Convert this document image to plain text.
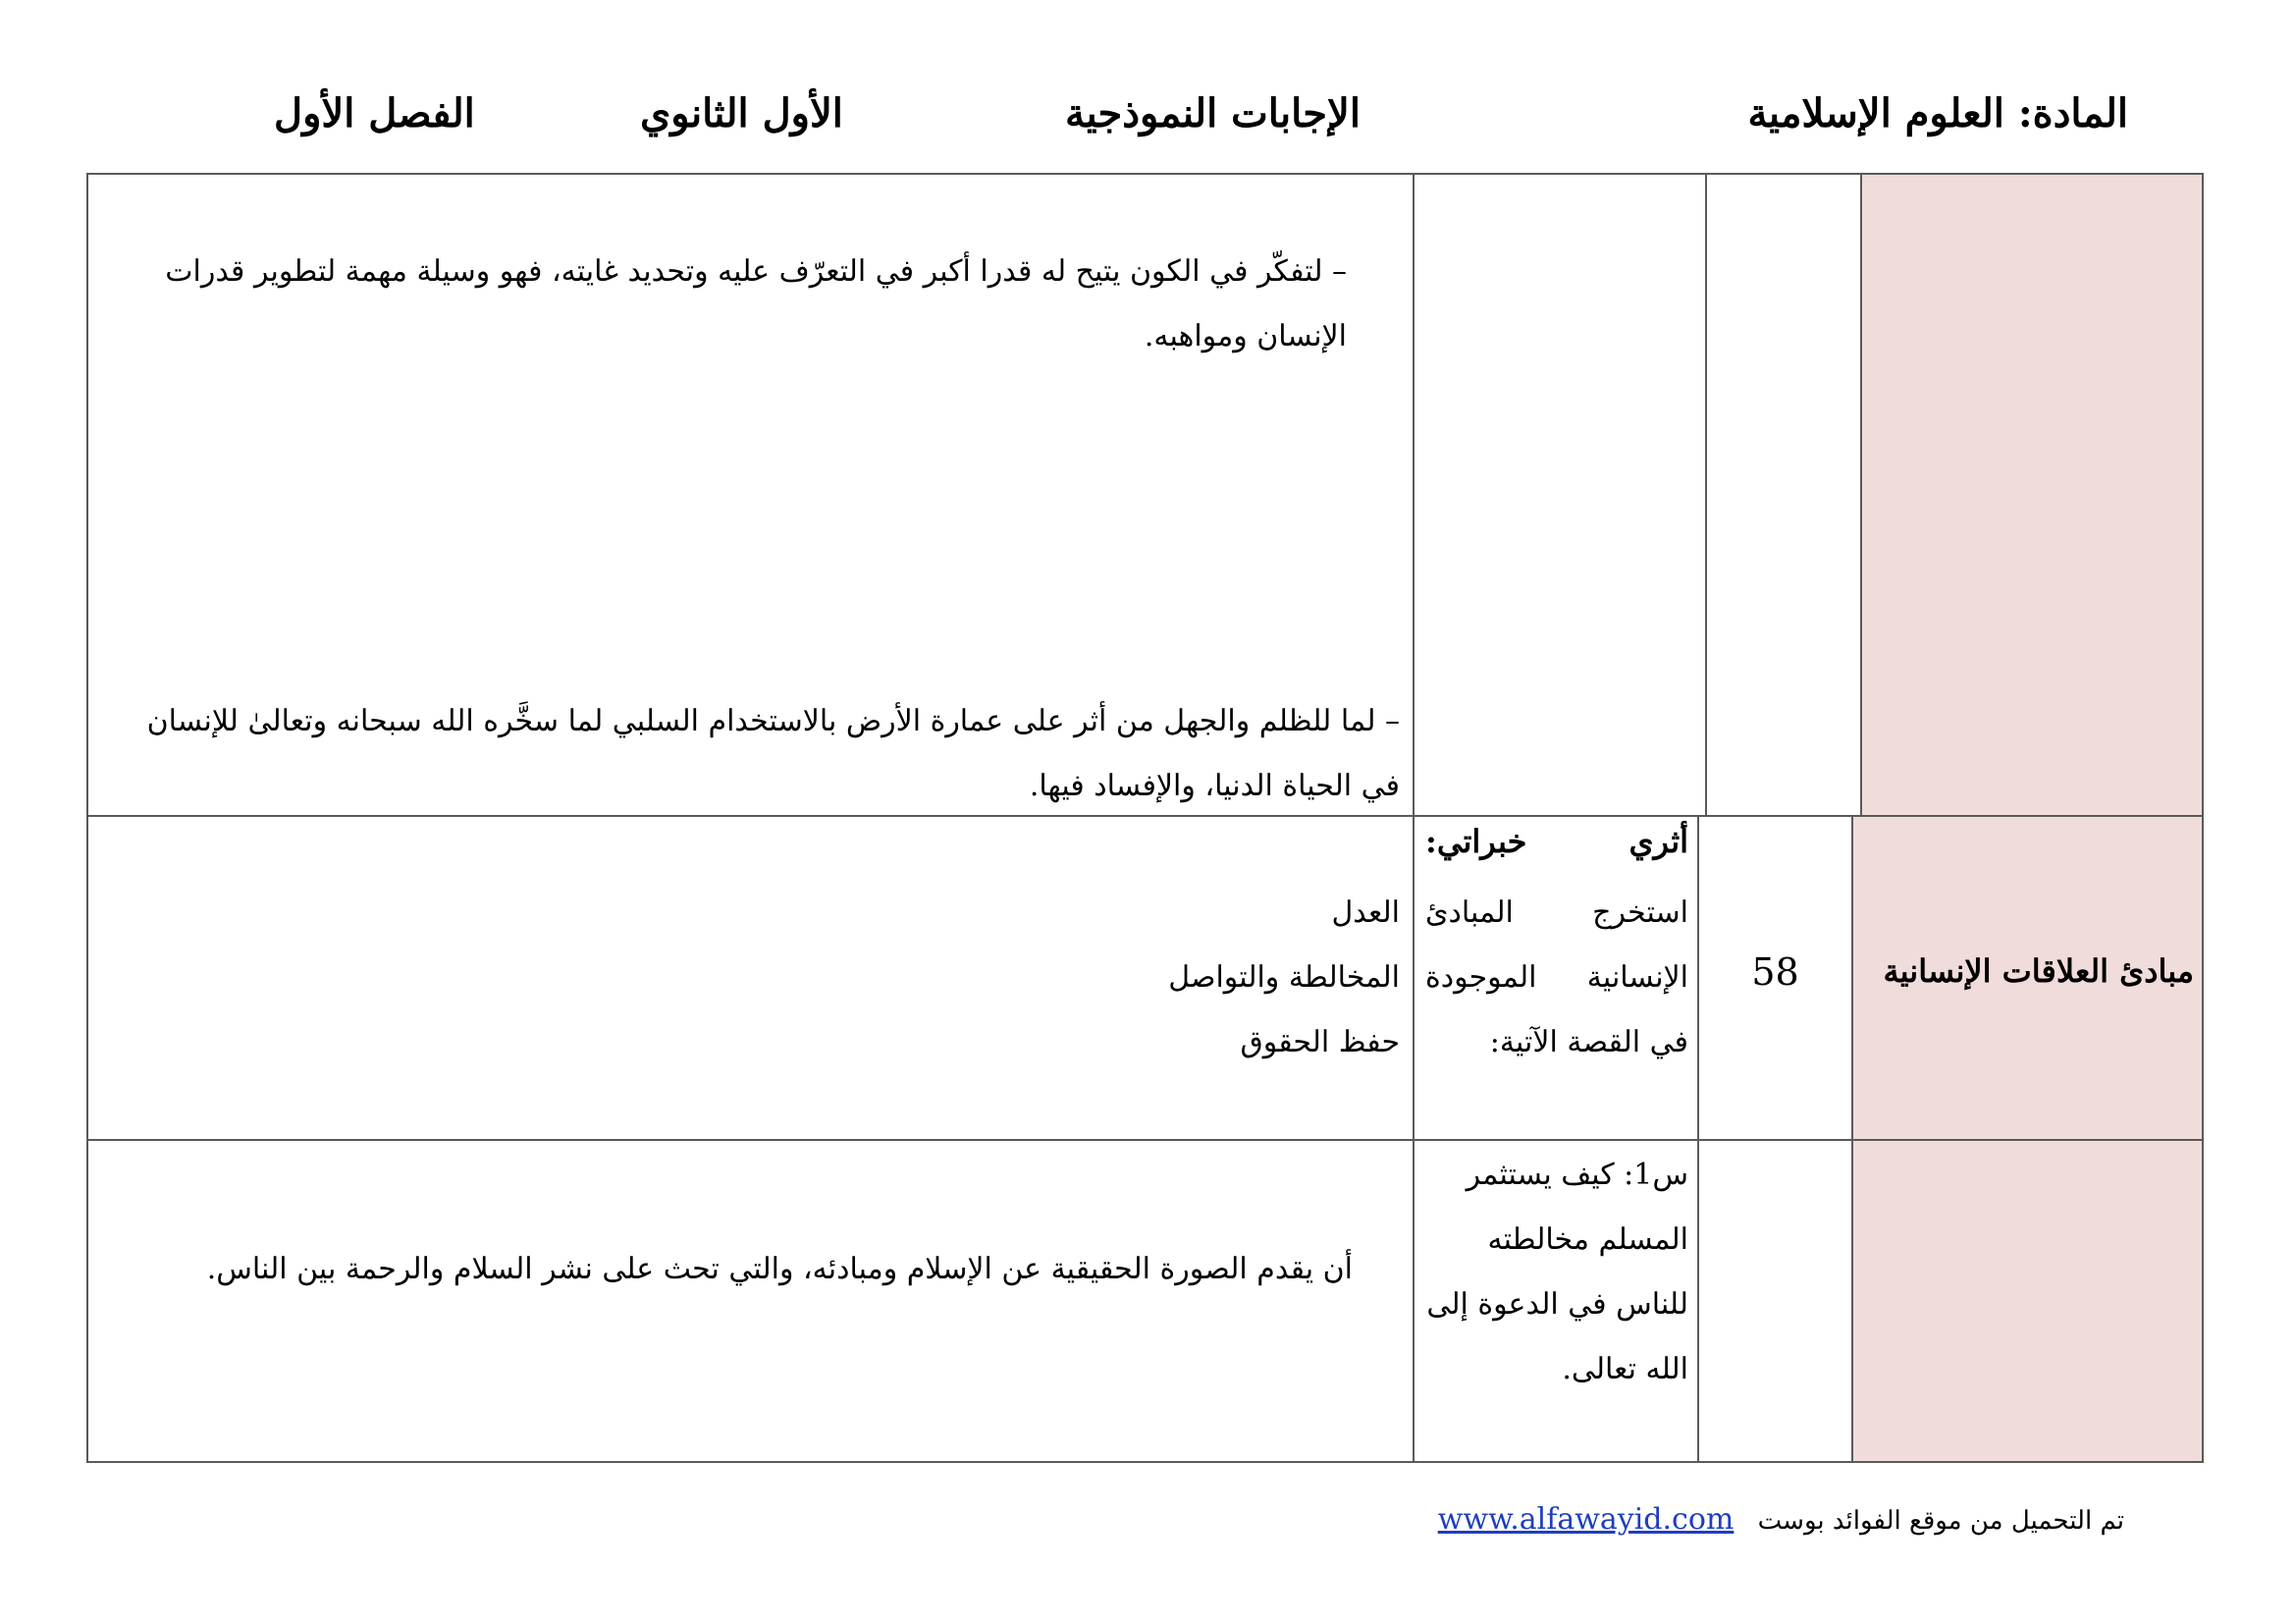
المادة: العلوم الإسلامية
الإجابات النموذجية
الأول الثانوي
الفصل الأول
– لتفكّر في الكون يتيح له قدرا أكبر في التعرّف عليه وتحديد غايته، فهو وسيلة مهمة لتطوير قدرات الإنسان ومواهبه.
– لما للظلم والجهل من أثر على عمارة الأرض بالاستخدام السلبي لما سخَّره الله سبحانه وتعالىٰ للإنسان في الحياة الدنيا، والإفساد فيها.
مبادئ العلاقات الإنسانية
58
أثري خبراتي:
استخرج المبادئ الإنسانية الموجودة في القصة الآتية:
العدل
المخالطة والتواصل
حفظ الحقوق
س1: كيف يستثمر المسلم مخالطته للناس في الدعوة إلى الله تعالى.
أن يقدم الصورة الحقيقية عن الإسلام ومبادئه، والتي تحث على نشر السلام والرحمة بين الناس.
تم التحميل من موقع الفوائد بوست www.alfawayid.com
